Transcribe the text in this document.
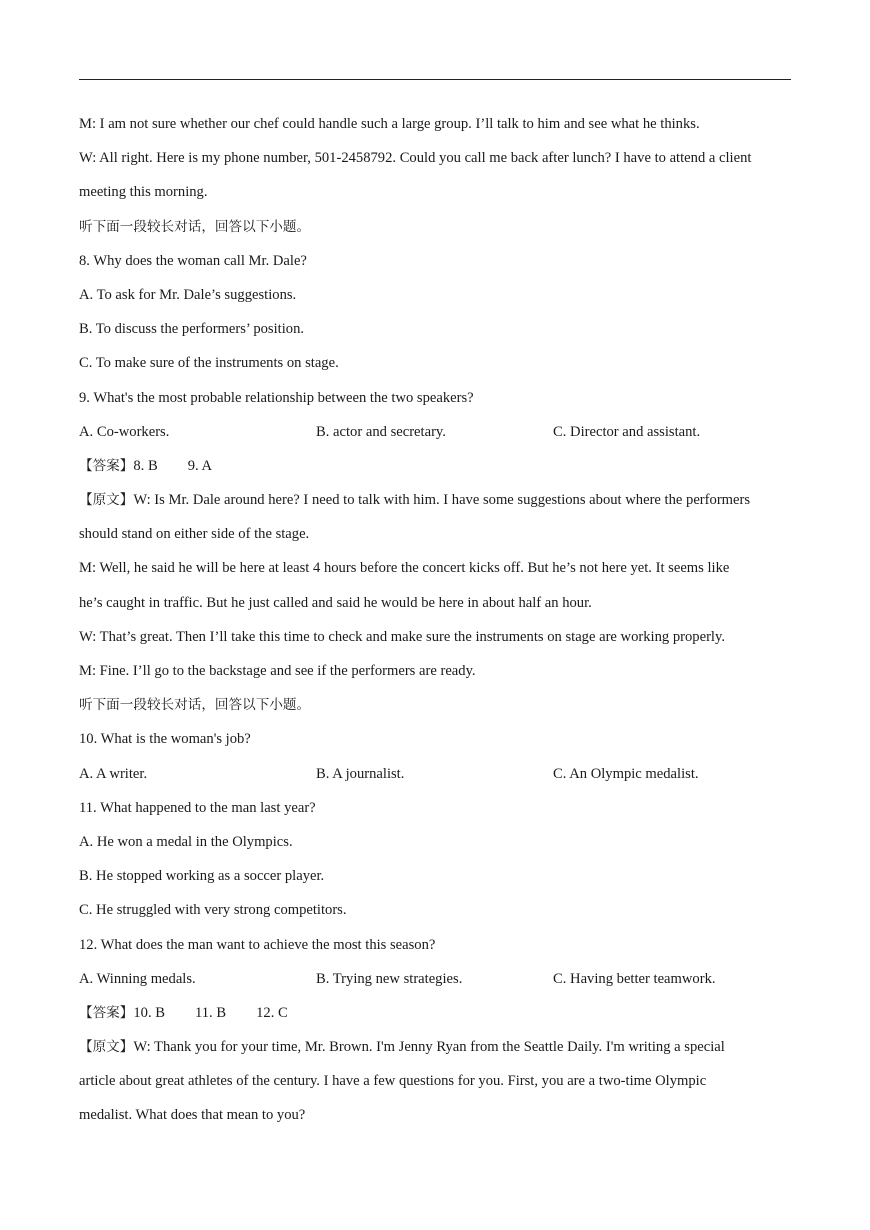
M: I am not sure whether our chef could handle such a large group. I’ll talk to him and see what he thinks.
W: All right. Here is my phone number, 501-2458792. Could you call me back after lunch? I have to attend a client
meeting this morning.
听下面一段较长对话，回答以下小题。
8. Why does the woman call Mr. Dale?
A. To ask for Mr. Dale’s suggestions.
B. To discuss the performers’ position.
C. To make sure of the instruments on stage.
9. What's the most probable relationship between the two speakers?
A. Co-workers.	B. actor and secretary.	C. Director and assistant.
【答案】8. B 9. A
【原文】W: Is Mr. Dale around here? I need to talk with him. I have some suggestions about where the performers
should stand on either side of the stage.
M: Well, he said he will be here at least 4 hours before the concert kicks off. But he’s not here yet. It seems like
he’s caught in traffic. But he just called and said he would be here in about half an hour.
W: That’s great. Then I’ll take this time to check and make sure the instruments on stage are working properly.
M: Fine. I’ll go to the backstage and see if the performers are ready.
听下面一段较长对话，回答以下小题。
10. What is the woman's job?
A. A writer.	B. A journalist.	C. An Olympic medalist.
11. What happened to the man last year?
A. He won a medal in the Olympics.
B. He stopped working as a soccer player.
C. He struggled with very strong competitors.
12. What does the man want to achieve the most this season?
A. Winning medals.	B. Trying new strategies.	C. Having better teamwork.
【答案】10. B 11. B 12. C
【原文】W: Thank you for your time, Mr. Brown. I'm Jenny Ryan from the Seattle Daily. I'm writing a special
article about great athletes of the century. I have a few questions for you. First, you are a two-time Olympic
medalist. What does that mean to you?
